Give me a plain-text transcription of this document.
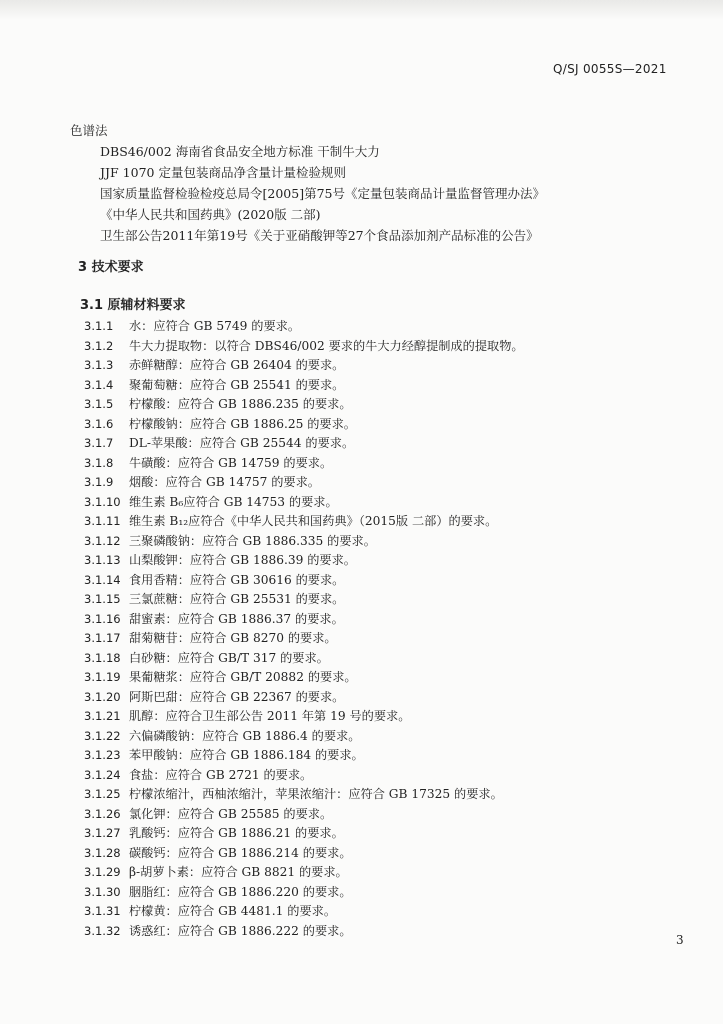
Q/SJ 0055S—2021
色谱法
DBS46/002 海南省食品安全地方标准 干制牛大力
JJF 1070 定量包装商品净含量计量检验规则
国家质量监督检验检疫总局令[2005]第75号《定量包装商品计量监督管理办法》
《中华人民共和国药典》(2020版 二部)
卫生部公告2011年第19号《关于亚硝酸钾等27个食品添加剂产品标准的公告》
3 技术要求
3.1 原辅材料要求
3.1.1 水：应符合 GB 5749 的要求。
3.1.2 牛大力提取物：以符合 DBS46/002 要求的牛大力经醇提制成的提取物。
3.1.3 赤鲜糖醇：应符合 GB 26404 的要求。
3.1.4 聚葡萄糖：应符合 GB 25541 的要求。
3.1.5 柠檬酸：应符合 GB 1886.235 的要求。
3.1.6 柠檬酸钠：应符合 GB 1886.25 的要求。
3.1.7 DL-苹果酸：应符合 GB 25544 的要求。
3.1.8 牛磺酸：应符合 GB 14759 的要求。
3.1.9 烟酸：应符合 GB 14757 的要求。
3.1.10 维生素 B₆应符合 GB 14753 的要求。
3.1.11 维生素 B₁₂应符合《中华人民共和国药典》（2015版 二部）的要求。
3.1.12 三聚磷酸钠：应符合 GB 1886.335 的要求。
3.1.13 山梨酸钾：应符合 GB 1886.39 的要求。
3.1.14 食用香精：应符合 GB 30616 的要求。
3.1.15 三氯蔗糖：应符合 GB 25531 的要求。
3.1.16 甜蜜素：应符合 GB 1886.37 的要求。
3.1.17 甜菊糖苷：应符合 GB 8270 的要求。
3.1.18 白砂糖：应符合 GB/T 317 的要求。
3.1.19 果葡糖浆：应符合 GB/T 20882 的要求。
3.1.20 阿斯巴甜：应符合 GB 22367 的要求。
3.1.21 肌醇：应符合卫生部公告 2011 年第 19 号的要求。
3.1.22 六偏磷酸钠：应符合 GB 1886.4 的要求。
3.1.23 苯甲酸钠：应符合 GB 1886.184 的要求。
3.1.24 食盐：应符合 GB 2721 的要求。
3.1.25 柠檬浓缩汁，西柚浓缩汁，苹果浓缩汁：应符合 GB 17325 的要求。
3.1.26 氯化钾：应符合 GB 25585 的要求。
3.1.27 乳酸钙：应符合 GB 1886.21 的要求。
3.1.28 碳酸钙：应符合 GB 1886.214 的要求。
3.1.29 β-胡萝卜素：应符合 GB 8821 的要求。
3.1.30 胭脂红：应符合 GB 1886.220 的要求。
3.1.31 柠檬黄：应符合 GB 4481.1 的要求。
3.1.32 诱惑红：应符合 GB 1886.222 的要求。
3
